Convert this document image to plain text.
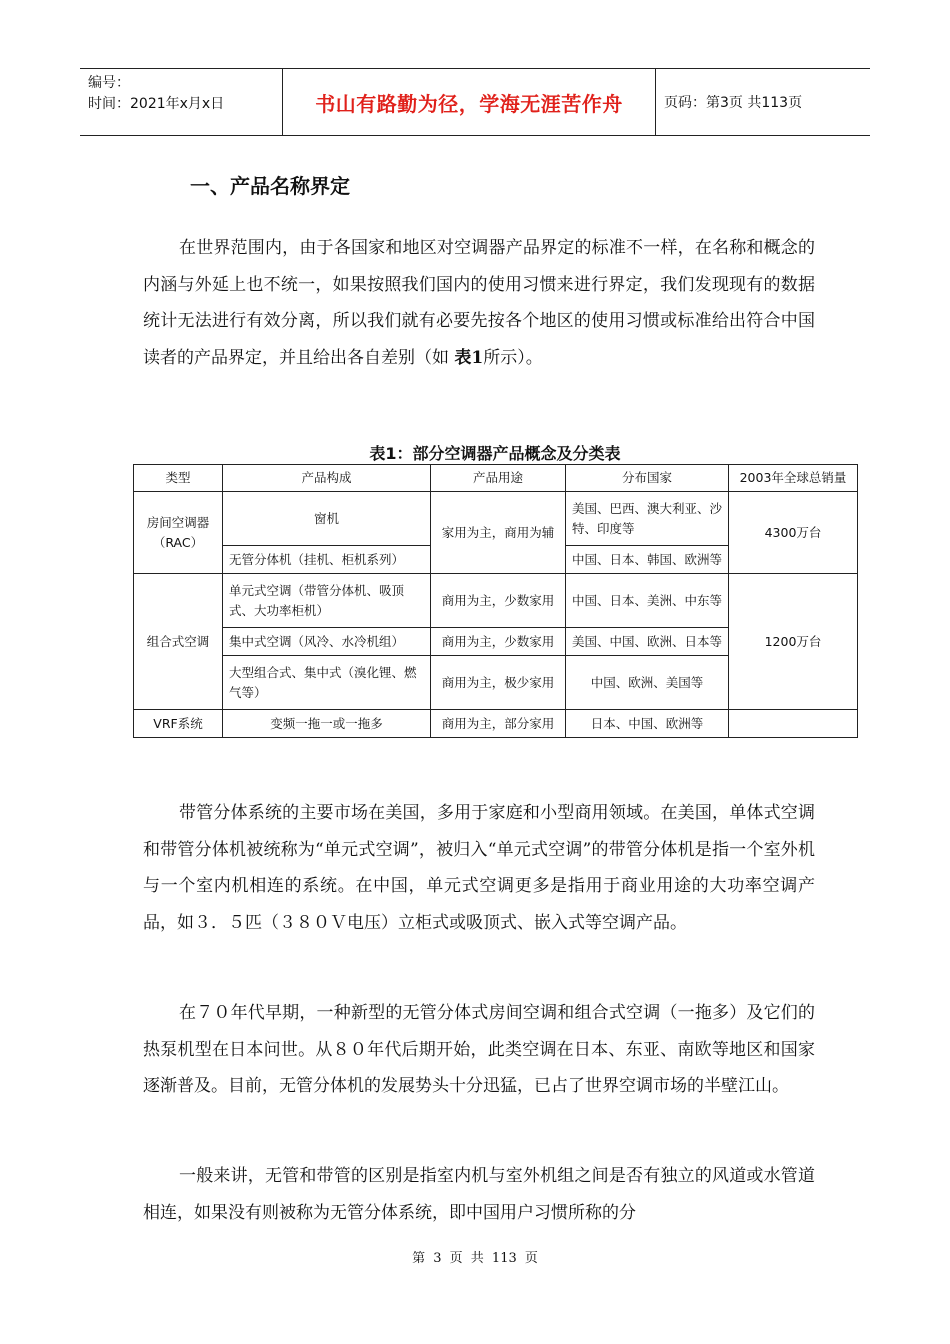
编号：
时间：2021年x月x日	书山有路勤为径，学海无涯苦作舟	页码：第3页 共113页
一、产品名称界定

在世界范围内，由于各国家和地区对空调器产品界定的标准不一样，在名称和概念的内涵与外延上也不统一，如果按照我们国内的使用习惯来进行界定，我们发现现有的数据统计无法进行有效分离，所以我们就有必要先按各个地区的使用习惯或标准给出符合中国读者的产品界定，并且给出各自差别（如 表1所示）。

表1：部分空调器产品概念及分类表
类型	产品构成	产品用途	分布国家	2003年全球总销量
房间空调器（RAC）	窗机	家用为主，商用为辅	美国、巴西、澳大利亚、沙特、印度等	4300万台
	无管分体机（挂机、柜机系列）		中国、日本、韩国、欧洲等	
组合式空调	单元式空调（带管分体机、吸顶式、大功率柜机）	商用为主，少数家用	中国、日本、美洲、中东等	1200万台
	集中式空调（风冷、水冷机组）	商用为主，少数家用	美国、中国、欧洲、日本等	
	大型组合式、集中式（溴化锂、燃气等）	商用为主，极少家用	中国、欧洲、美国等	
VRF系统	变频一拖一或一拖多	商用为主，部分家用	日本、中国、欧洲等	

带管分体系统的主要市场在美国，多用于家庭和小型商用领域。在美国，单体式空调和带管分体机被统称为“单元式空调”，被归入“单元式空调”的带管分体机是指一个室外机与一个室内机相连的系统。在中国，单元式空调更多是指用于商业用途的大功率空调产品，如３．５匹（３８０Ｖ电压）立柜式或吸顶式、嵌入式等空调产品。

在７０年代早期，一种新型的无管分体式房间空调和组合式空调（一拖多）及它们的热泵机型在日本问世。从８０年代后期开始，此类空调在日本、东亚、南欧等地区和国家逐渐普及。目前，无管分体机的发展势头十分迅猛，已占了世界空调市场的半壁江山。

一般来讲，无管和带管的区别是指室内机与室外机组之间是否有独立的风道或水管道相连，如果没有则被称为无管分体系统，即中国用户习惯所称的分

第 3 页 共 113 页
